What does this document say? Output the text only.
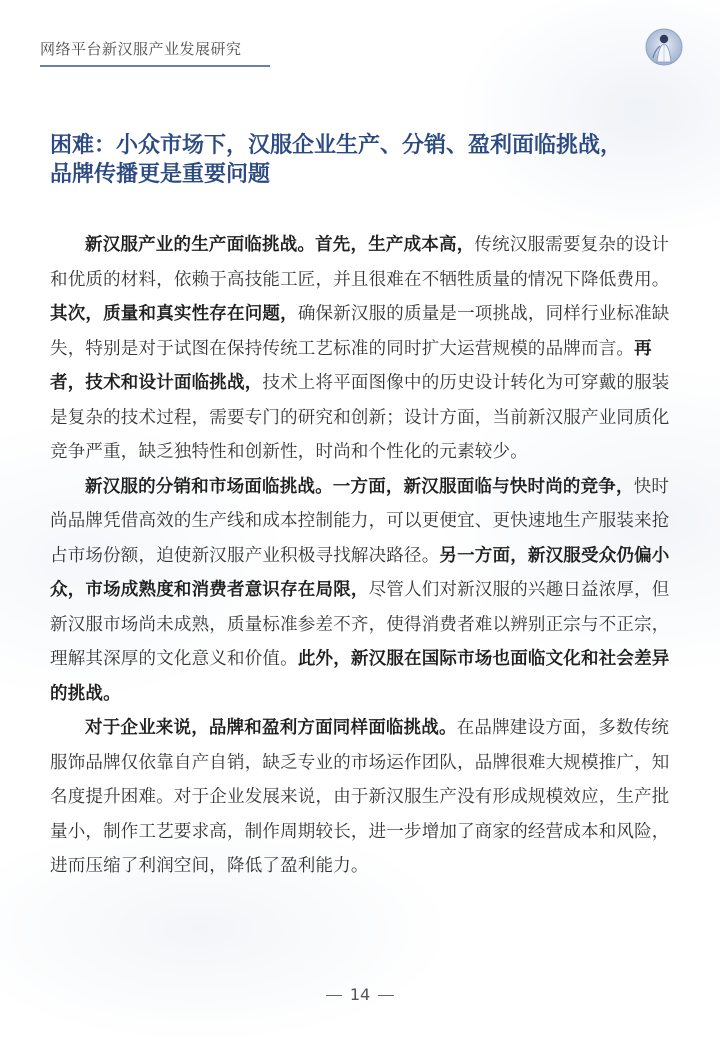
网络平台新汉服产业发展研究
困难：小众市场下，汉服企业生产、分销、盈利面临挑战，
品牌传播更是重要问题

新汉服产业的生产面临挑战。首先，生产成本高，传统汉服需要复杂的设计和优质的材料，依赖于高技能工匠，并且很难在不牺牲质量的情况下降低费用。其次，质量和真实性存在问题，确保新汉服的质量是一项挑战，同样行业标准缺失，特别是对于试图在保持传统工艺标准的同时扩大运营规模的品牌而言。再者，技术和设计面临挑战，技术上将平面图像中的历史设计转化为可穿戴的服装是复杂的技术过程，需要专门的研究和创新；设计方面，当前新汉服产业同质化竞争严重，缺乏独特性和创新性，时尚和个性化的元素较少。

新汉服的分销和市场面临挑战。一方面，新汉服面临与快时尚的竞争，快时尚品牌凭借高效的生产线和成本控制能力，可以更便宜、更快速地生产服装来抢占市场份额，迫使新汉服产业积极寻找解决路径。另一方面，新汉服受众仍偏小众，市场成熟度和消费者意识存在局限，尽管人们对新汉服的兴趣日益浓厚，但新汉服市场尚未成熟，质量标准参差不齐，使得消费者难以辨别正宗与不正宗，理解其深厚的文化意义和价值。此外，新汉服在国际市场也面临文化和社会差异的挑战。

对于企业来说，品牌和盈利方面同样面临挑战。在品牌建设方面，多数传统服饰品牌仅依靠自产自销，缺乏专业的市场运作团队，品牌很难大规模推广，知名度提升困难。对于企业发展来说，由于新汉服生产没有形成规模效应，生产批量小，制作工艺要求高，制作周期较长，进一步增加了商家的经营成本和风险，进而压缩了利润空间，降低了盈利能力。

14
